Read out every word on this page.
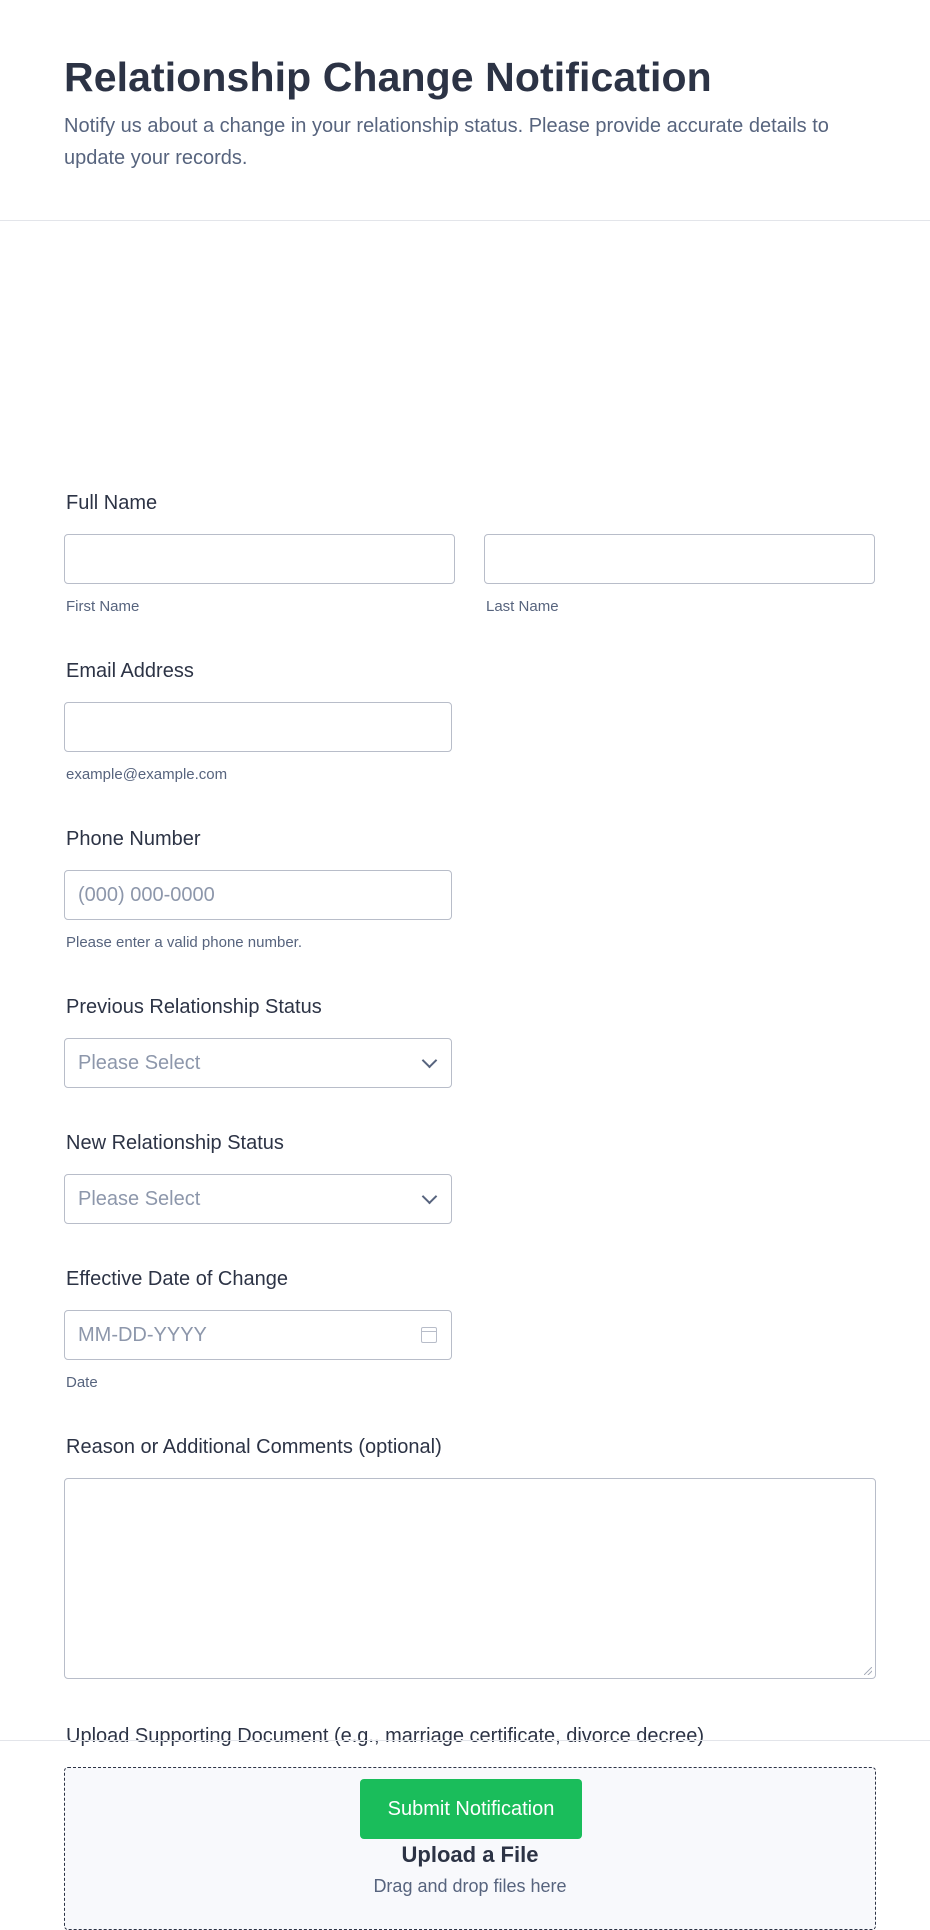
Relationship Change Notification

Notify us about a change in your relationship status. Please provide accurate details to update your records.

Full Name
First Name	Last Name
Email Address
example@example.com
Phone Number
(000) 000-0000
Please enter a valid phone number.
Previous Relationship Status
Please Select
New Relationship Status
Please Select
Effective Date of Change
MM-DD-YYYY
Date
Reason or Additional Comments (optional)
Upload Supporting Document (e.g., marriage certificate, divorce decree)
Upload a File
Drag and drop files here
Submit Notification
